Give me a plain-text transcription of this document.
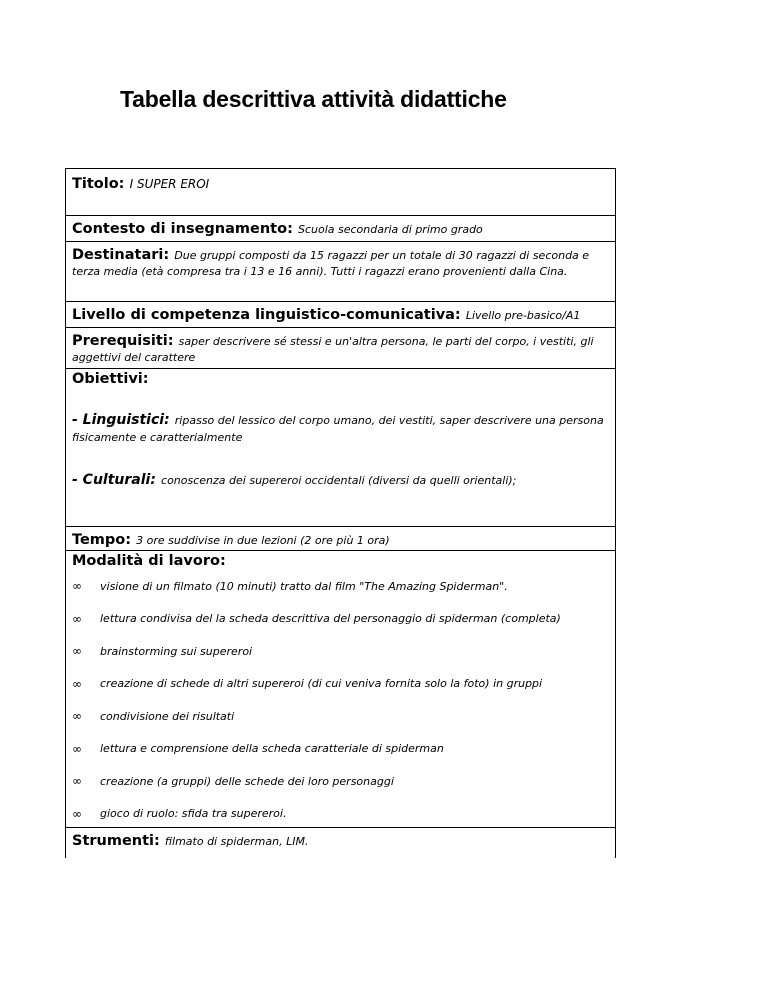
Tabella descrittiva attività didattiche
Titolo: I SUPER EROI
Contesto di insegnamento: Scuola secondaria di primo grado
Destinatari: Due gruppi composti da 15 ragazzi per un totale di 30 ragazzi di seconda e
terza media (età compresa tra i 13 e 16 anni). Tutti i ragazzi erano provenienti dalla Cina.
Livello di competenza linguistico-comunicativa: Livello pre-basico/A1
Prerequisiti: saper descrivere sé stessi e un'altra persona, le parti del corpo, i vestiti, gli
aggettivi del carattere
Obiettivi:
- Linguistici: ripasso del lessico del corpo umano, dei vestiti, saper descrivere una persona
fisicamente e caratterialmente
- Culturali: conoscenza dei supereroi occidentali (diversi da quelli orientali);
Tempo: 3 ore suddivise in due lezioni (2 ore più 1 ora)
Modalità di lavoro:
∞	visione di un filmato (10 minuti) tratto dal film "The Amazing Spiderman".
∞	lettura condivisa del la scheda descrittiva del personaggio di spiderman (completa)
∞	brainstorming sui supereroi
∞	creazione di schede di altri supereroi (di cui veniva fornita solo la foto) in gruppi
∞	condivisione dei risultati
∞	lettura e comprensione della scheda caratteriale di spiderman
∞	creazione (a gruppi) delle schede dei loro personaggi
∞	gioco di ruolo: sfida tra supereroi.
Strumenti: filmato di spiderman, LIM.
